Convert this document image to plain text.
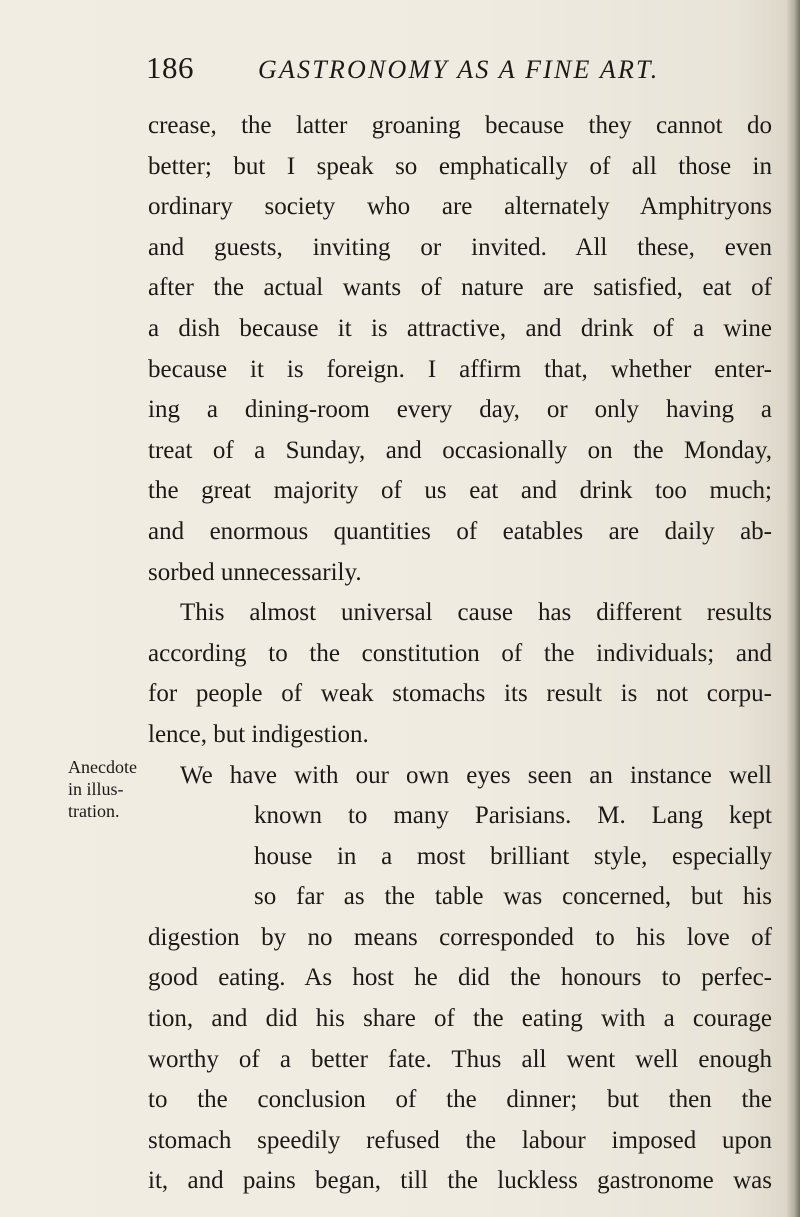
186 GASTRONOMY AS A FINE ART.
Anecdote
in illus-
tration.
crease, the latter groaning because they cannot do
better; but I speak so emphatically of all those in
ordinary society who are alternately Amphitryons
and guests, inviting or invited. All these, even
after the actual wants of nature are satisfied, eat of
a dish because it is attractive, and drink of a wine
because it is foreign. I affirm that, whether enter-
ing a dining-room every day, or only having a
treat of a Sunday, and occasionally on the Monday,
the great majority of us eat and drink too much;
and enormous quantities of eatables are daily ab-
sorbed unnecessarily.
This almost universal cause has different results
according to the constitution of the individuals; and
for people of weak stomachs its result is not corpu-
lence, but indigestion.
We have with our own eyes seen an instance well
known to many Parisians. M. Lang kept
house in a most brilliant style, especially
so far as the table was concerned, but his
digestion by no means corresponded to his love of
good eating. As host he did the honours to perfec-
tion, and did his share of the eating with a courage
worthy of a better fate. Thus all went well enough
to the conclusion of the dinner; but then the
stomach speedily refused the labour imposed upon
it, and pains began, till the luckless gastronome was
